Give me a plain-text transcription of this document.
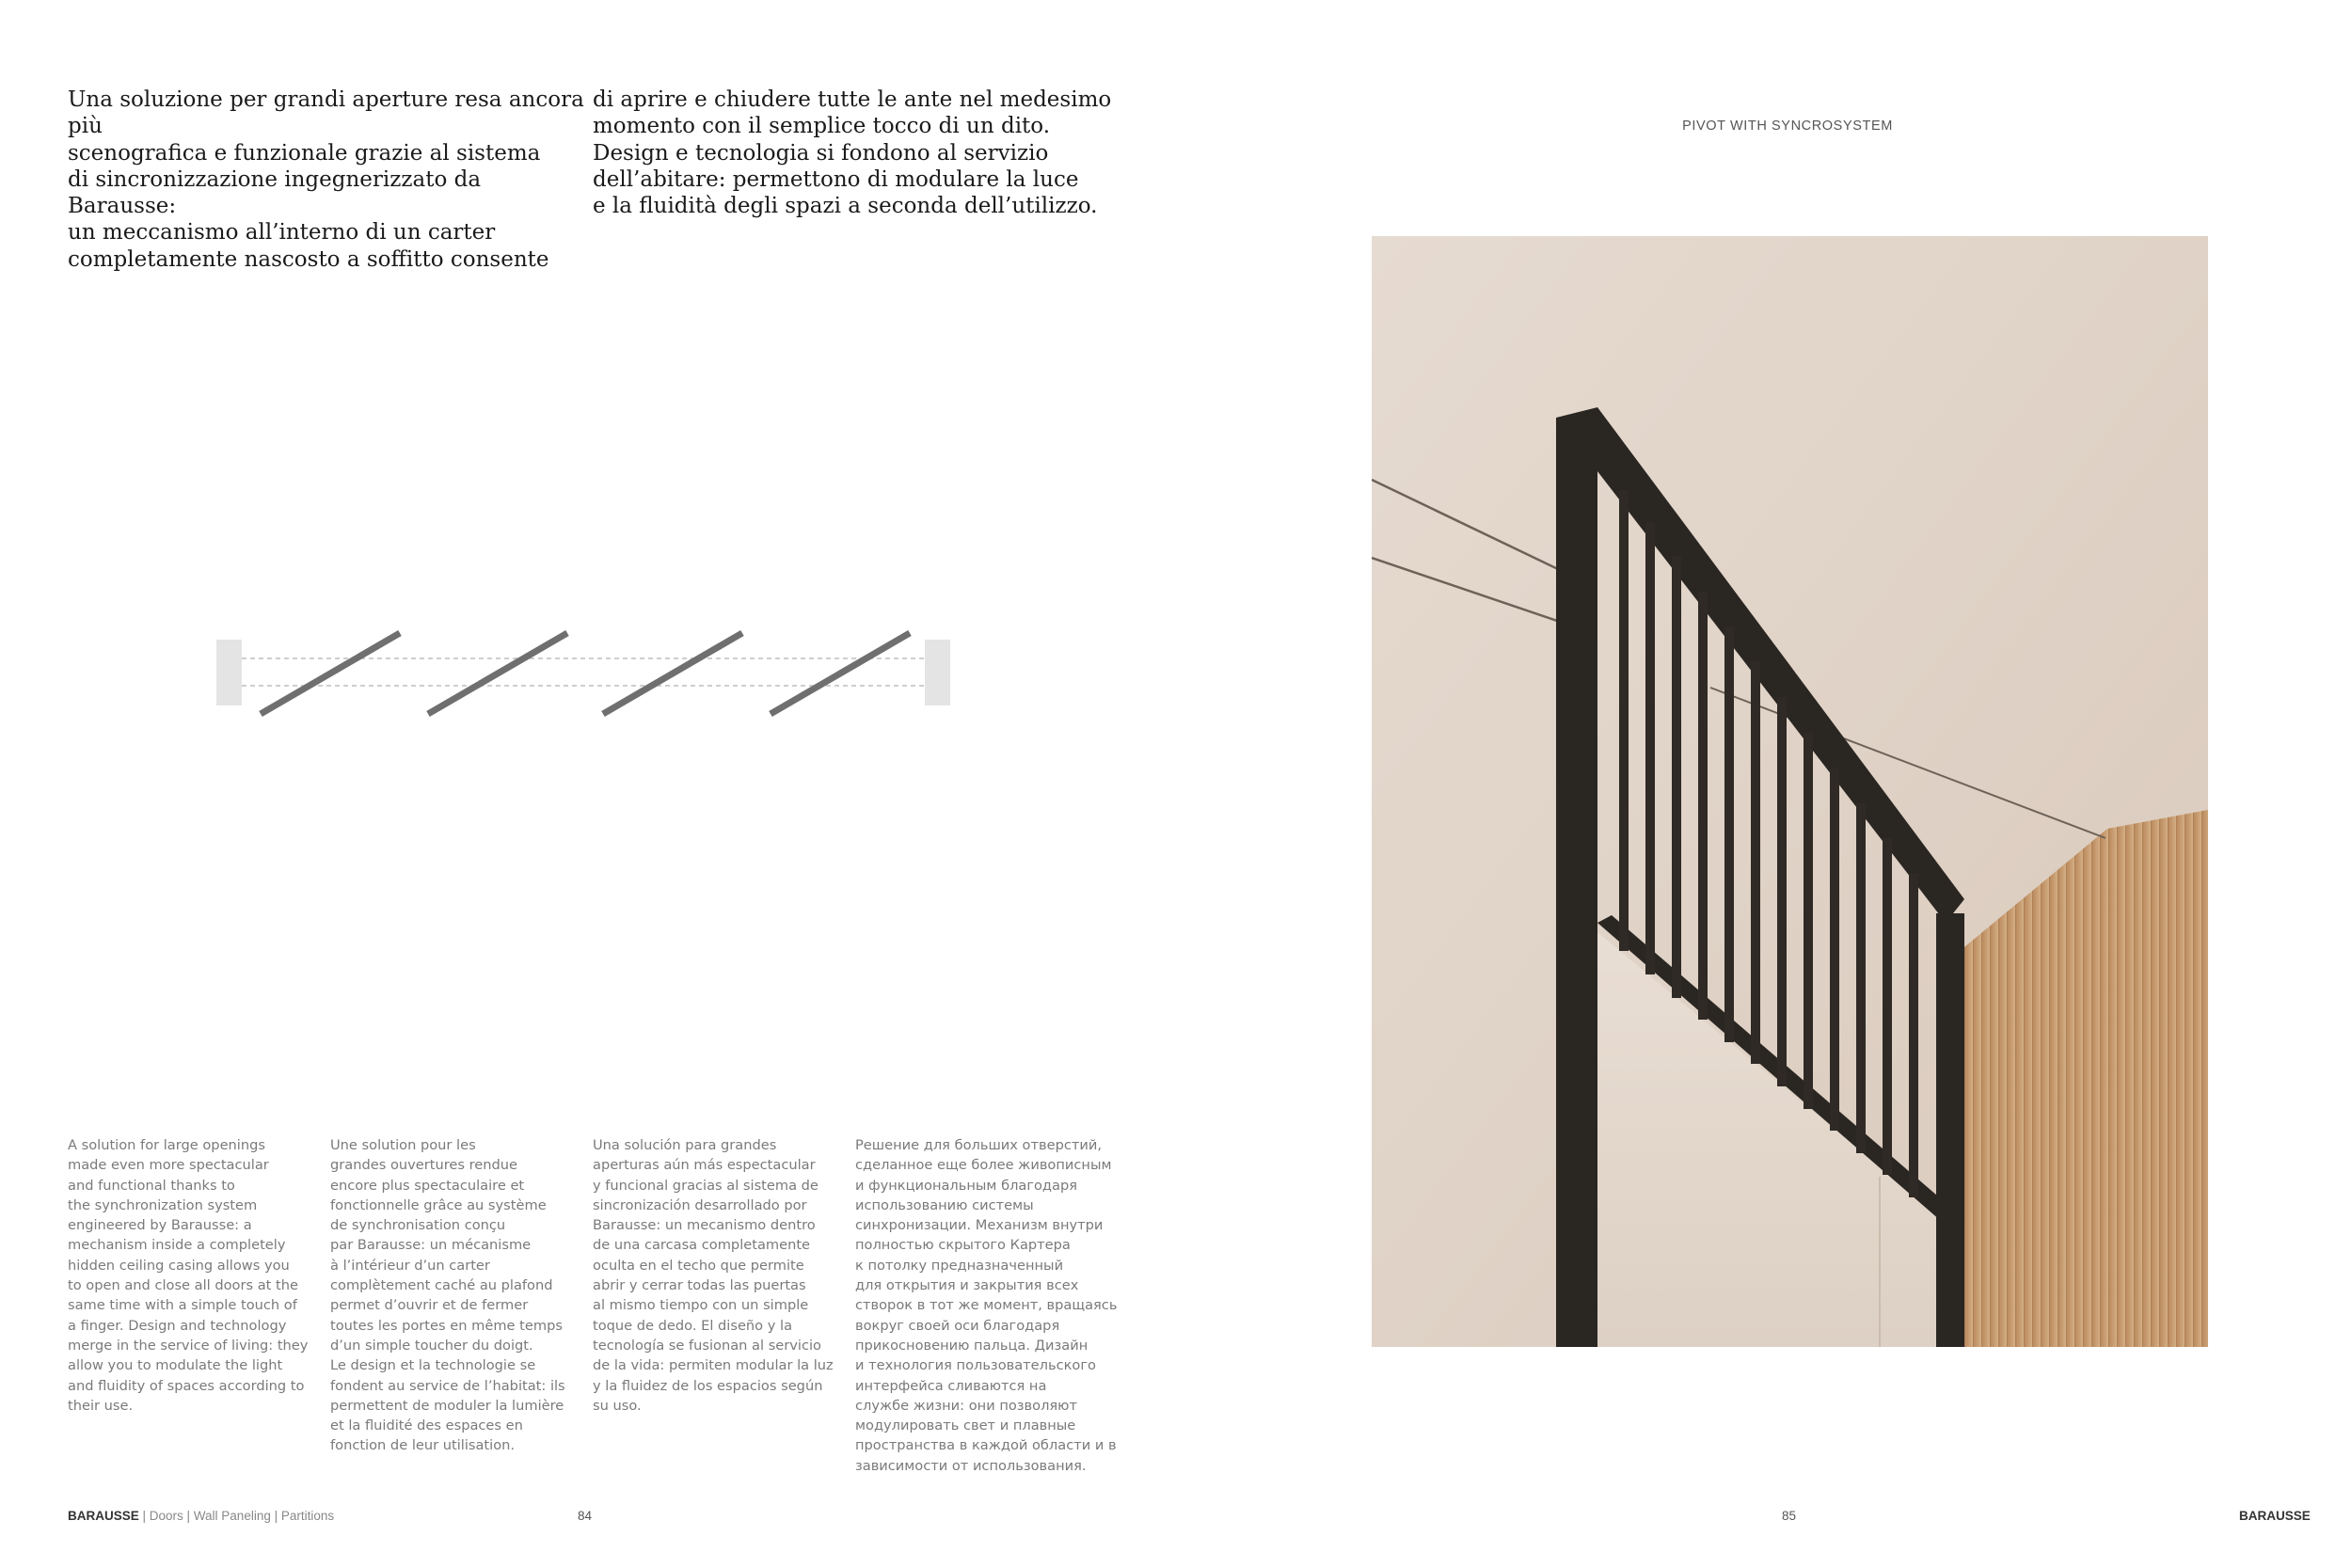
Una soluzione per grandi aperture resa ancora più
scenografica e funzionale grazie al sistema
di sincronizzazione ingegnerizzato da Barausse:
un meccanismo all’interno di un carter
completamente nascosto a soffitto consente
di aprire e chiudere tutte le ante nel medesimo
momento con il semplice tocco di un dito.
Design e tecnologia si fondono al servizio
dell’abitare: permettono di modulare la luce
e la fluidità degli spazi a seconda dell’utilizzo.
PIVOT WITH SYNCROSYSTEM
A solution for large openings
made even more spectacular
and functional thanks to
the synchronization system
engineered by Barausse: a
mechanism inside a completely
hidden ceiling casing allows you
to open and close all doors at the
same time with a simple touch of
a finger. Design and technology
merge in the service of living: they
allow you to modulate the light
and fluidity of spaces according to
their use.
Une solution pour les
grandes ouvertures rendue
encore plus spectaculaire et
fonctionnelle grâce au système
de synchronisation conçu
par Barausse: un mécanisme
à l’intérieur d’un carter
complètement caché au plafond
permet d’ouvrir et de fermer
toutes les portes en même temps
d’un simple toucher du doigt.
Le design et la technologie se
fondent au service de l’habitat: ils
permettent de moduler la lumière
et la fluidité des espaces en
fonction de leur utilisation.
Una solución para grandes
aperturas aún más espectacular
y funcional gracias al sistema de
sincronización desarrollado por
Barausse: un mecanismo dentro
de una carcasa completamente
oculta en el techo que permite
abrir y cerrar todas las puertas
al mismo tiempo con un simple
toque de dedo. El diseño y la
tecnología se fusionan al servicio
de la vida: permiten modular la luz
y la fluidez de los espacios según
su uso.
Решение для больших отверстий,
сделанное еще более живописным
и функциональным благодаря
использованию системы
синхронизации. Механизм внутри
полностью скрытого Картера
к потолку предназначенный
для открытия и закрытия всех
створок в тот же момент, вращаясь
вокруг своей оси благодаря
прикосновению пальца. Дизайн
и технология пользовательского
интерфейса сливаются на
службе жизни: они позволяют
модулировать свет и плавные
пространства в каждой области и в
зависимости от использования.
BARAUSSE | Doors | Wall Paneling | Partitions	84	85	BARAUSSE
